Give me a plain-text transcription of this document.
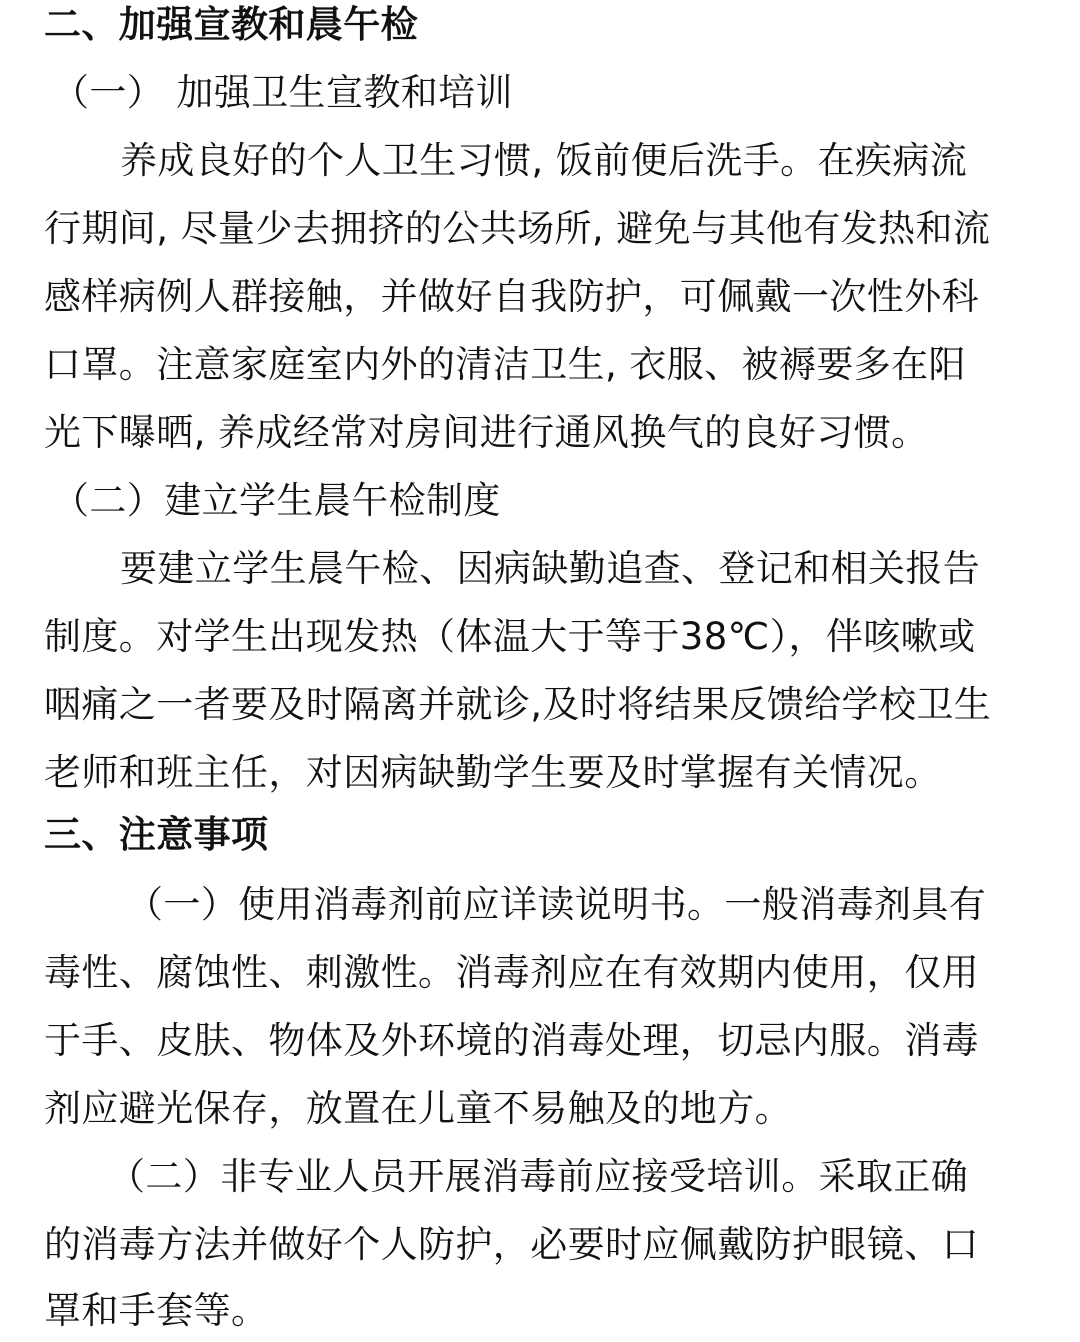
二、加强宣教和晨午检
（一） 加强卫生宣教和培训
养成良好的个人卫生习惯, 饭前便后洗手。在疾病流
行期间, 尽量少去拥挤的公共场所, 避免与其他有发热和流
感样病例人群接触，并做好自我防护，可佩戴一次性外科
口罩。注意家庭室内外的清洁卫生, 衣服、被褥要多在阳
光下曝晒, 养成经常对房间进行通风换气的良好习惯。
（二）建立学生晨午检制度
要建立学生晨午检、因病缺勤追查、登记和相关报告
制度。对学生出现发热（体温大于等于38℃），伴咳嗽或
咽痛之一者要及时隔离并就诊,及时将结果反馈给学校卫生
老师和班主任，对因病缺勤学生要及时掌握有关情况。
三、注意事项
（一）使用消毒剂前应详读说明书。一般消毒剂具有
毒性、腐蚀性、刺激性。消毒剂应在有效期内使用，仅用
于手、皮肤、物体及外环境的消毒处理，切忌内服。消毒
剂应避光保存，放置在儿童不易触及的地方。
（二）非专业人员开展消毒前应接受培训。采取正确
的消毒方法并做好个人防护，必要时应佩戴防护眼镜、口
罩和手套等。
